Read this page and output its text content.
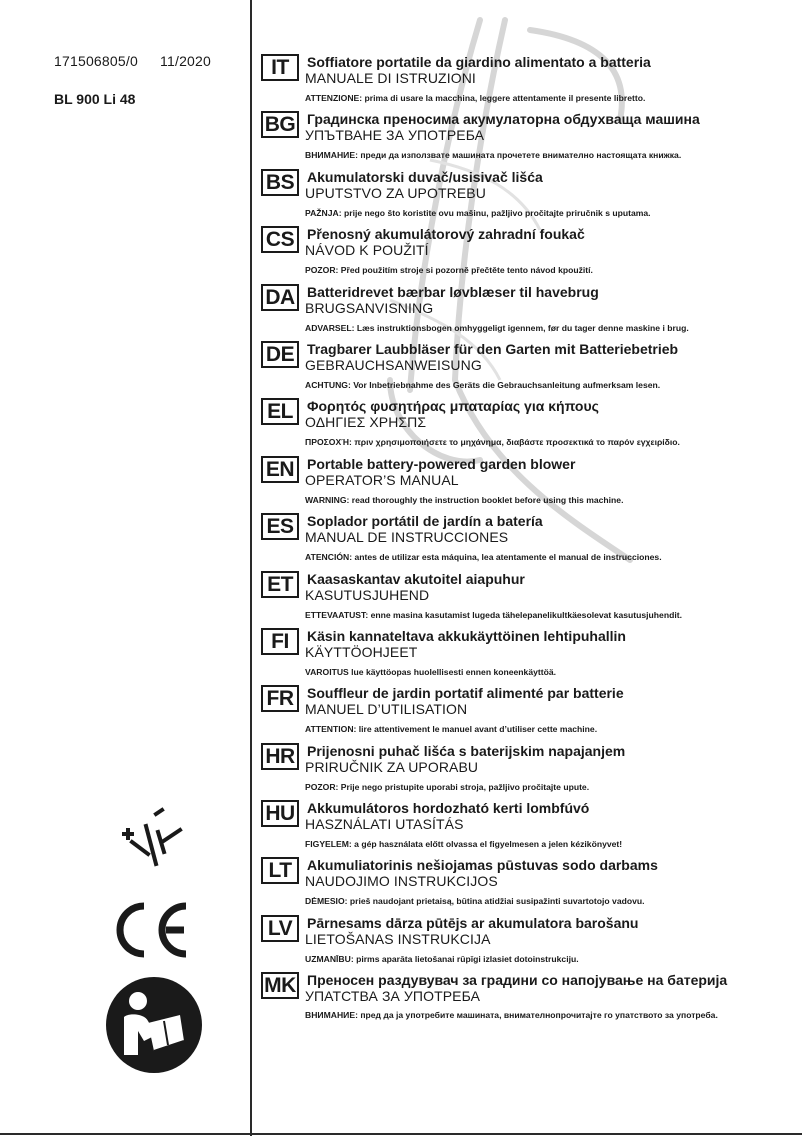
171506805/0 11/2020
BL 900 Li 48
IT	Soffiatore portatile da giardino alimentato a batteria
MANUALE DI ISTRUZIONI
ATTENZIONE: prima di usare la macchina, leggere attentamente il presente libretto.
BG Градинска преносима акумулаторна обдухваща машина
УПЪТВАНЕ ЗА УПОТРЕБА
ВНИМАНИЕ: преди да използвате машината прочетете внимателно настоящата книжка.
BS Akumulatorski duvač/usisivač lišća
UPUTSTVO ZA UPOTREBU
PAŽNJA: prije nego što koristite ovu mašinu, pažljivo pročitajte priručnik s uputama.
CS Přenosný akumulátorový zahradní foukač
NÁVOD K POUŽITÍ
POZOR: Před použitím stroje si pozorně přečtěte tento návod kpoužití.
DA Batteridrevet bærbar løvblæser til havebrug
BRUGSANVISNING
ADVARSEL: Læs instruktionsbogen omhyggeligt igennem, før du tager denne maskine i brug.
DE Tragbarer Laubbläser für den Garten mit Batteriebetrieb
GEBRAUCHSANWEISUNG
ACHTUNG: Vor Inbetriebnahme des Geräts die Gebrauchsanleitung aufmerksam lesen.
EL	Φορητός φυσητήρας μπαταρίας για κήπους
ΟΔΗΓΙΕΣ ΧΡΗΣΠΣ
ΠΡΟΣΟΧΉ: πριν χρησιμοποιήσετε το μηχάνημα, διαβάστε προσεκτικά το παρόν εγχειρίδιο.
EN Portable battery-powered garden blower
OPERATOR’S MANUAL
WARNING: read thoroughly the instruction booklet before using this machine.
ES Soplador portátil de jardín a batería
MANUAL DE INSTRUCCIONES
ATENCIÓN: antes de utilizar esta máquina, lea atentamente el manual de instrucciones.
ET	Kaasaskantav akutoitel aiapuhur
KASUTUSJUHEND
ETTEVAATUST: enne masina kasutamist lugeda tähelepanelikultkäesolevat kasutusjuhendit.
FI	Käsin kannateltava akkukäyttöinen lehtipuhallin
KÄYTTÖOHJEET
VAROITUS lue käyttöopas huolellisesti ennen koneenkäyttöä.
FR Souffleur de jardin portatif alimenté par batterie
MANUEL D’UTILISATION
ATTENTION: lire attentivement le manuel avant d’utiliser cette machine.
HR Prijenosni puhač lišća s baterijskim napajanjem
PRIRUČNIK ZA UPORABU
POZOR: Prije nego pristupite uporabi stroja, pažljivo pročitajte upute.
HU Akkumulátoros hordozható kerti lombfúvó
HASZNÁLATI UTASÍTÁS
FIGYELEM: a gép használata előtt olvassa el figyelmesen a jelen kézikönyvet!
LT	Akumuliatorinis nešiojamas pūstuvas sodo darbams
NAUDOJIMO INSTRUKCIJOS
DĖMESIO: prieš naudojant prietaisą, būtina atidžiai susipažinti suvartotojo vadovu.
LV	Pārnesams dārza pūtējs ar akumulatora barošanu
LIETOŠANAS INSTRUKCIJA
UZMANĪBU: pirms aparāta lietošanai rūpīgi izlasiet dotoinstrukciju.
MK Преносен раздувувач за градини со напојување на батерија
УПАТСТВА ЗА УПОТРЕБА
ВНИМАНИЕ: пред да ја употребите машината, внимателнопрочитајте го упатството за употреба.
